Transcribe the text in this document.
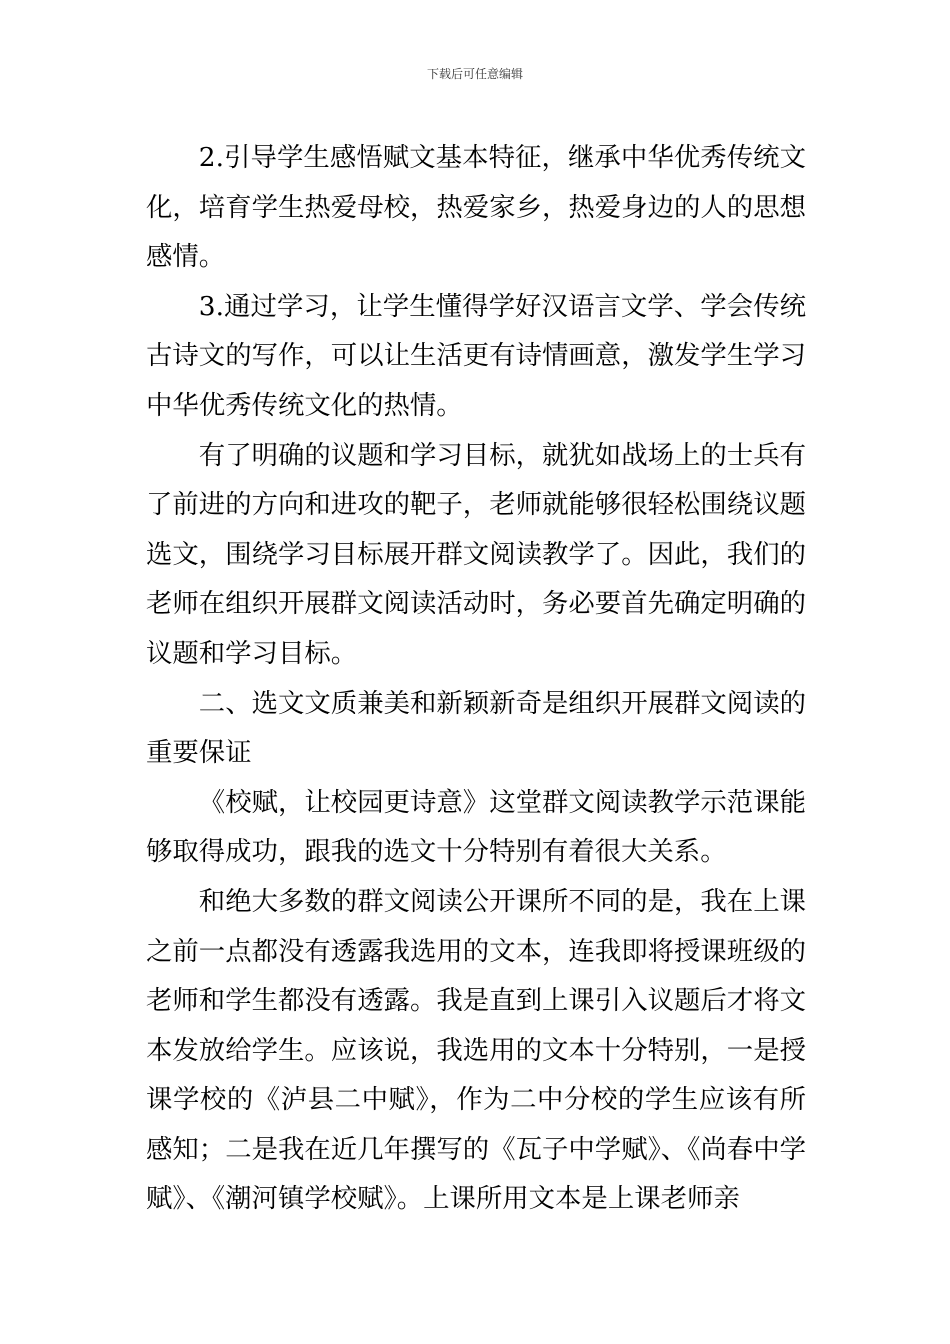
下载后可任意编辑

2.引导学生感悟赋文基本特征，继承中华优秀传统文化，培育学生热爱母校，热爱家乡，热爱身边的人的思想感情。

3.通过学习，让学生懂得学好汉语言文学、学会传统古诗文的写作，可以让生活更有诗情画意，激发学生学习中华优秀传统文化的热情。

有了明确的议题和学习目标，就犹如战场上的士兵有了前进的方向和进攻的靶子，老师就能够很轻松围绕议题选文，围绕学习目标展开群文阅读教学了。因此，我们的老师在组织开展群文阅读活动时，务必要首先确定明确的议题和学习目标。

二、选文文质兼美和新颖新奇是组织开展群文阅读的重要保证

《校赋，让校园更诗意》这堂群文阅读教学示范课能够取得成功，跟我的选文十分特别有着很大关系。

和绝大多数的群文阅读公开课所不同的是，我在上课之前一点都没有透露我选用的文本，连我即将授课班级的老师和学生都没有透露。我是直到上课引入议题后才将文本发放给学生。应该说，我选用的文本十分特别，一是授课学校的《泸县二中赋》，作为二中分校的学生应该有所感知；二是我在近几年撰写的《瓦子中学赋》、《尚春中学赋》、《潮河镇学校赋》。上课所用文本是上课老师亲
